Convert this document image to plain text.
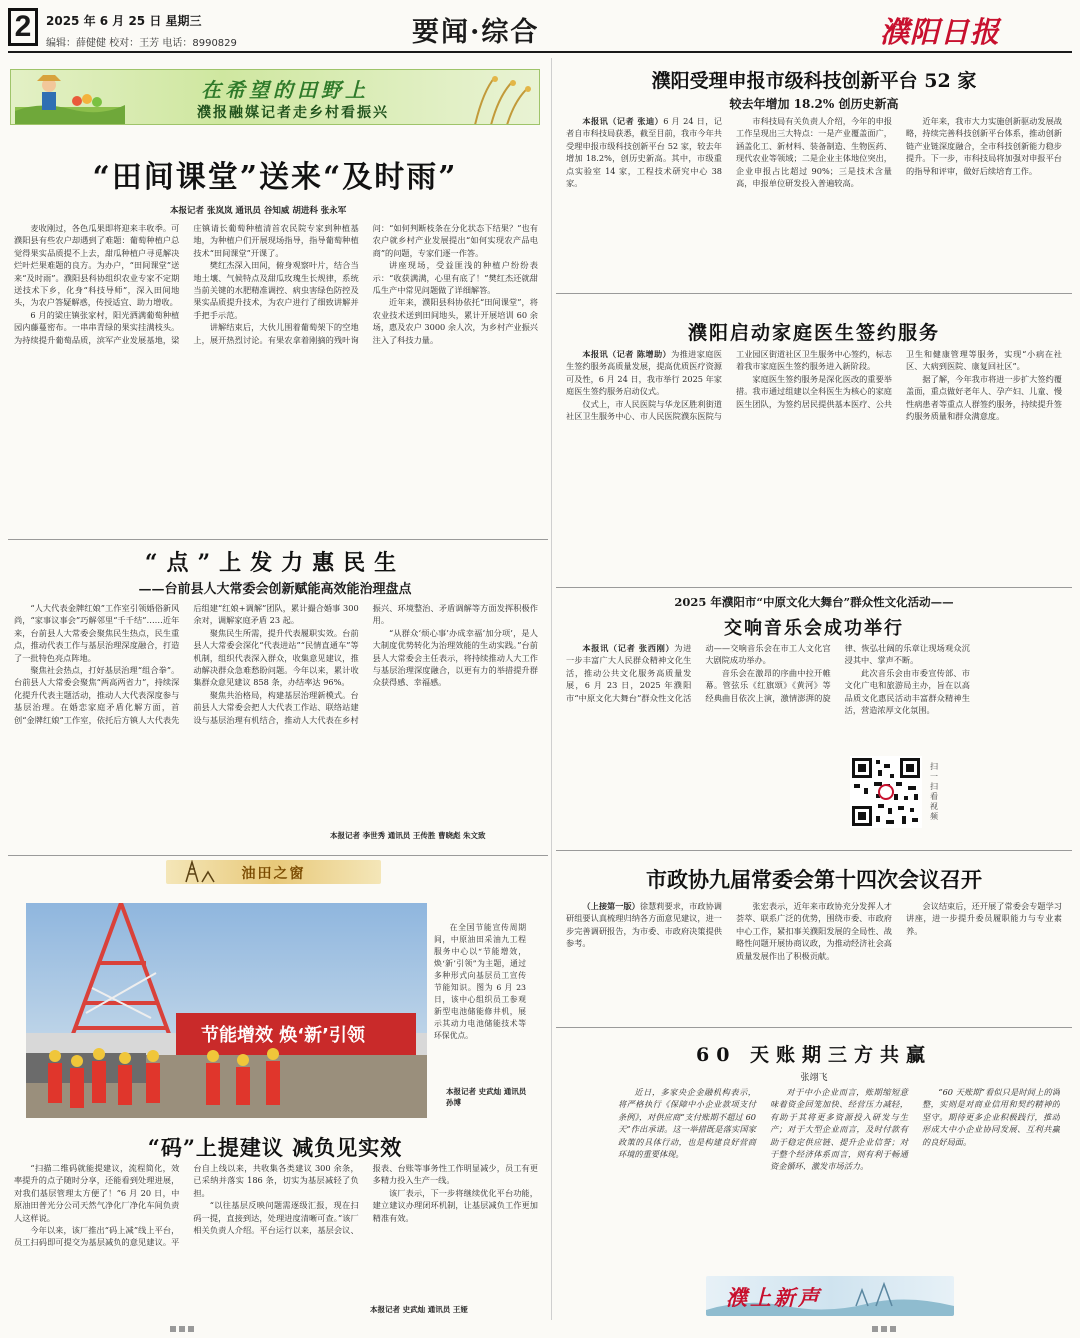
2 2025 年 6 月 25 日 星期三
编辑：薛健健 校对：王芳 电话：8990829	要闻·综合	濮阳日报
在希望的田野上
濮报融媒记者走乡村看振兴
“田间课堂”送来“及时雨”
本报记者 张岚岚 通讯员 谷知威 胡进科 张永军

麦收刚过，各色瓜果即将迎来丰收季。可濮阳县有些农户却遇到了难题：葡萄种植户总觉得果实品质提不上去，甜瓜种植户寻觅解决烂叶烂果难题的良方。为办户，“田间课堂”送来“及时雨”。濮阳县科协组织农业专家不定期送技术下乡，化身“科技导师”，深入田间地头，为农户答疑解惑，传授适宜、助力增收。

6 月的梁庄镇张家村，阳光洒满葡萄种植园内藤蔓密布。一串串青绿的果实挂满枝头。为持续提升葡萄品质，滨军产业发展基地，梁庄镇请长葡萄种植清首农民院专家到种植基地，为种植户们开展现场指导，指导葡萄种植技术“田间课堂”开课了。

樊红杰深入田间，俯身观察叶片，结合当地土壤、气候特点及甜瓜玫瑰生长规律，系统当前关键的水肥精准调控、病虫害绿色防控及果实品质提升技术，为农户进行了细致讲解并手把手示范。

讲解结束后，大伙儿围着葡萄架下的空地上，展开热烈讨论。有果农拿着刚摘的残叶询问：“如何判断枝条在分化状态下结果？”也有农户就乡村产业发展提出“如何实现农产品电商”的问题，专家们逐一作答。

讲座现场，受益匪浅的种植户纷纷表示：“收获满满，心里有底了！”樊红杰还就甜瓜生产中常见问题做了详细解答。

近年来，濮阳县科协依托“田间课堂”，将农业技术送到田间地头，累计开展培训 60 余场，惠及农户 3000 余人次，为乡村产业振兴注入了科技力量。

“点”上发力惠民生
——台前县人大常委会创新赋能高效能治理盘点

“人大代表金牌红娘”工作室引领婚俗新风尚，“家事议事会”巧解邻里“千千结”……近年来，台前县人大常委会聚焦民生热点，民生重点，推动代表工作与基层治理深度融合，打造了一批特色亮点阵地。

聚焦社会热点，打好基层治理“组合拳”。台前县人大常委会聚焦“两高两省力”，持续深化提升代表主题活动，推动人大代表深度参与基层治理。在婚恋家庭矛盾化解方面，首创“金牌红娘”工作室，依托后方镇人大代表先后组建“红娘+调解”团队，累计撮合婚事 300 余对，调解家庭矛盾 23 起。

聚焦民生所需，提升代表履职实效。台前县人大常委会深化“代表进站”“民情直通车”等机制，组织代表深入群众，收集意见建议，推动解决群众急难愁盼问题。今年以来，累计收集群众意见建议 858 条，办结率达 96%。

聚焦共治格局，构建基层治理新模式。台前县人大常委会把人大代表工作站、联络站建设与基层治理有机结合，推动人大代表在乡村振兴、环境整治、矛盾调解等方面发挥积极作用。

“从群众‘烦心事’办成幸福‘加分项’，是人大制度优势转化为治理效能的生动实践。”台前县人大常委会主任表示，将持续推动人大工作与基层治理深度融合，以更有力的举措提升群众获得感、幸福感。

本报记者 李世秀 通讯员 王传胜 曹晓彪 朱文致
油田之窗
节能增效 焕‘新’引领

在全国节能宣传周期间，中原油田采油九工程服务中心以“节能增效，焕‘新’引领”为主题，通过多种形式向基层员工宣传节能知识。图为 6 月 23 日，该中心组织员工参观新型电池储能修井机，展示其动力电池储能技术等环保优点。

本报记者 史武灿 通讯员 孙博
“码”上提建议 减负见实效

“扫描二维码就能提建议，流程简化，效率提升的点子随时分享，还能看到处理进展，对我们基层管理太方便了！”6 月 20 日，中原油田普光分公司天然气净化厂净化车间负责人这样说。

今年以来，该厂推出“码上减”线上平台，员工扫码即可提交为基层减负的意见建议。平台自上线以来，共收集各类建议 300 余条，已采纳并落实 186 条，切实为基层减轻了负担。

“以往基层反映问题需逐级汇报，现在扫码一提，直接到达，处理进度清晰可查。”该厂相关负责人介绍。平台运行以来，基层会议、报表、台账等事务性工作明显减少，员工有更多精力投入生产一线。

该厂表示，下一步将继续优化平台功能，建立建议办理闭环机制，让基层减负工作更加精准有效。

本报记者 史武灿 通讯员 王娅
濮阳受理申报市级科技创新平台 52 家
较去年增加 18.2% 创历史新高

本报讯（记者 张迪）6 月 24 日，记者自市科技局获悉，截至目前，我市今年共受理申报市级科技创新平台 52 家，较去年增加 18.2%，创历史新高。其中，市级重点实验室 14 家，工程技术研究中心 38 家。

市科技局有关负责人介绍，今年的申报工作呈现出三大特点：一是产业覆盖面广，涵盖化工、新材料、装备制造、生物医药、现代农业等领域；二是企业主体地位突出，企业申报占比超过 90%；三是技术含量高，申报单位研发投入普遍较高。

近年来，我市大力实施创新驱动发展战略，持续完善科技创新平台体系，推动创新链产业链深度融合，全市科技创新能力稳步提升。下一步，市科技局将加强对申报平台的指导和评审，做好后续培育工作。

濮阳启动家庭医生签约服务

本报讯（记者 陈增助）为推进家庭医生签约服务高质量发展，提高优质医疗资源可及性，6 月 24 日，我市举行 2025 年家庭医生签约服务启动仪式。

仪式上，市人民医院与华龙区胜利街道社区卫生服务中心、市人民医院濮东医院与工业园区街道社区卫生服务中心签约，标志着我市家庭医生签约服务进入新阶段。

家庭医生签约服务是深化医改的重要举措。我市通过组建以全科医生为核心的家庭医生团队，为签约居民提供基本医疗、公共卫生和健康管理等服务，实现“小病在社区、大病到医院、康复回社区”。

据了解，今年我市将进一步扩大签约覆盖面，重点做好老年人、孕产妇、儿童、慢性病患者等重点人群签约服务，持续提升签约服务质量和群众满意度。

2025 年濮阳市“中原文化大舞台”群众性文化活动——
交响音乐会成功举行

本报讯（记者 张西刚）为进一步丰富广大人民群众精神文化生活，推动公共文化服务高质量发展，6 月 23 日，2025 年濮阳市“中原文化大舞台”群众性文化活动——交响音乐会在市工人文化宫大剧院成功举办。

音乐会在激昂的序曲中拉开帷幕。管弦乐《红旗颂》《黄河》等经典曲目依次上演，激情澎湃的旋律、恢弘壮阔的乐章让现场观众沉浸其中、掌声不断。

此次音乐会由市委宣传部、市文化广电和旅游局主办，旨在以高品质文化惠民活动丰富群众精神生活，营造浓厚文化氛围。

扫一扫 看视频
市政协九届常委会第十四次会议召开

（上接第一版）徐慧莉要求，市政协调研组要认真梳理归纳各方面意见建议，进一步完善调研报告，为市委、市政府决策提供参考。

张宏表示，近年来市政协充分发挥人才荟萃、联系广泛的优势，围绕市委、市政府中心工作，紧扣事关濮阳发展的全局性、战略性问题开展协商议政，为推动经济社会高质量发展作出了积极贡献。

会议结束后，还开展了常委会专题学习讲座，进一步提升委员履职能力与专业素养。

60 天账期三方共赢
张翊飞

近日，多家央企金融机构表示，将严格执行《保障中小企业款项支付条例》，对供应商“支付账期不超过 60 天”作出承诺。这一举措既是落实国家政策的具体行动，也是构建良好营商环境的重要体现。

对于中小企业而言，账期缩短意味着资金回笼加快、经营压力减轻，有助于其将更多资源投入研发与生产；对于大型企业而言，及时付款有助于稳定供应链、提升企业信誉；对于整个经济体系而言，则有利于畅通资金循环、激发市场活力。

“60 天账期”看似只是时间上的调整，实则是对商业信用和契约精神的坚守。期待更多企业积极践行，推动形成大中小企业协同发展、互利共赢的良好局面。

濮上新声
